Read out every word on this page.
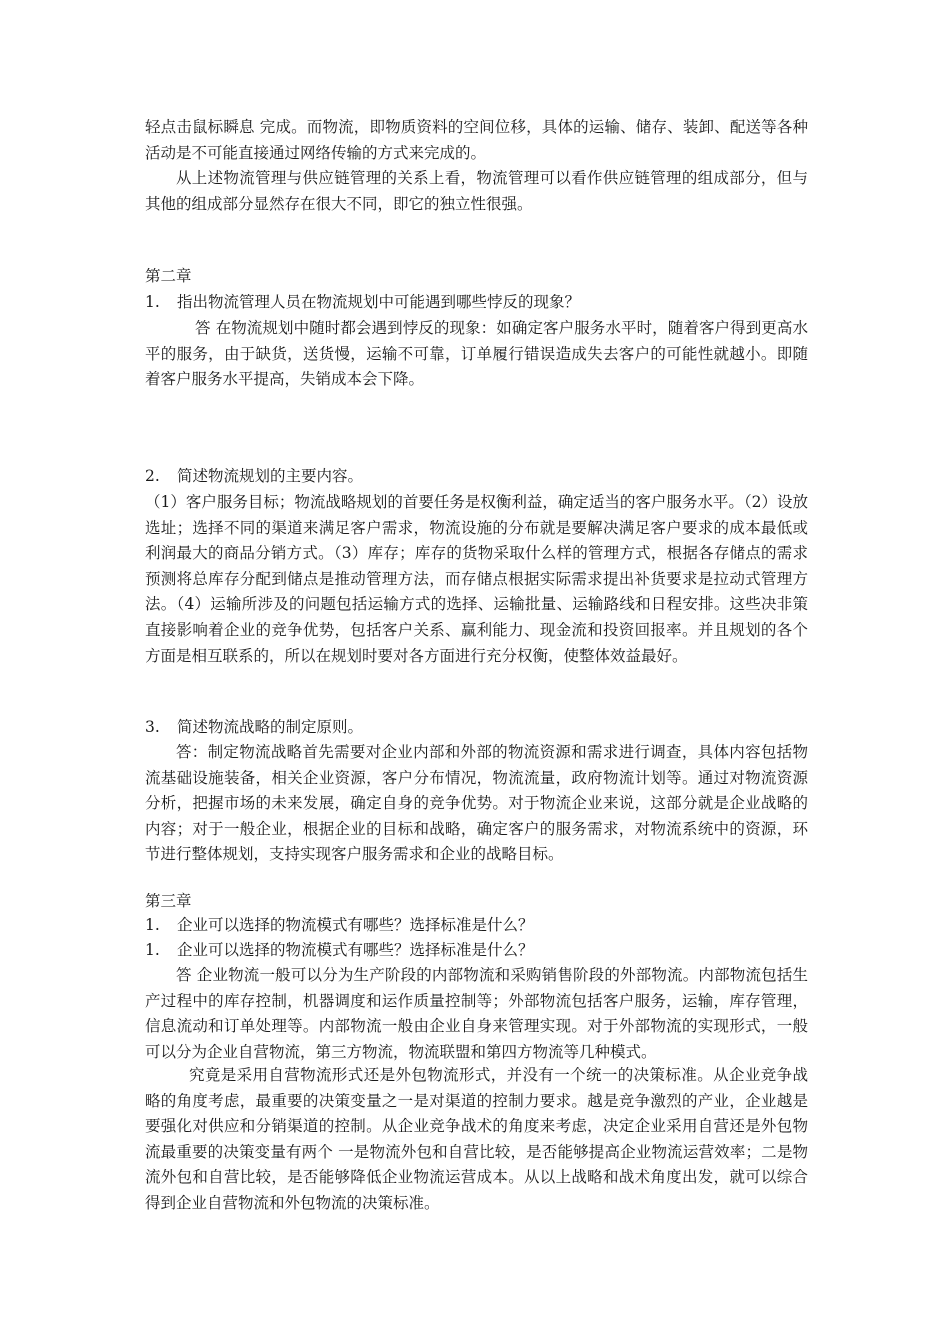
轻点击鼠标瞬息 完成。而物流，即物质资料的空间位移，具体的运输、储存、装卸、配送等各种活动是不可能直接通过网络传输的方式来完成的。

从上述物流管理与供应链管理的关系上看，物流管理可以看作供应链管理的组成部分，但与其他的组成部分显然存在很大不同，即它的独立性很强。

第二章

1. 指出物流管理人员在物流规划中可能遇到哪些悖反的现象？

答 在物流规划中随时都会遇到悖反的现象：如确定客户服务水平时，随着客户得到更高水平的服务，由于缺货，送货慢，运输不可靠，订单履行错误造成失去客户的可能性就越小。即随着客户服务水平提高，失销成本会下降。

2. 简述物流规划的主要内容。

（1）客户服务目标；物流战略规划的首要任务是权衡利益，确定适当的客户服务水平。（2）设放选址；选择不同的渠道来满足客户需求，物流设施的分布就是要解决满足客户要求的成本最低或利润最大的商品分销方式。（3）库存；库存的货物采取什么样的管理方式，根据各存储点的需求预测将总库存分配到储点是推动管理方法，而存储点根据实际需求提出补货要求是拉动式管理方法。（4）运输所涉及的问题包括运输方式的选择、运输批量、运输路线和日程安排。这些决非策直接影响着企业的竞争优势，包括客户关系、赢利能力、现金流和投资回报率。并且规划的各个方面是相互联系的，所以在规划时要对各方面进行充分权衡，使整体效益最好。

3. 简述物流战略的制定原则。

答：制定物流战略首先需要对企业内部和外部的物流资源和需求进行调查，具体内容包括物流基础设施装备，相关企业资源，客户分布情况，物流流量，政府物流计划等。通过对物流资源分析，把握市场的未来发展，确定自身的竞争优势。对于物流企业来说，这部分就是企业战略的内容；对于一般企业，根据企业的目标和战略，确定客户的服务需求，对物流系统中的资源，环节进行整体规划，支持实现客户服务需求和企业的战略目标。

第三章

1. 企业可以选择的物流模式有哪些？选择标准是什么？

1. 企业可以选择的物流模式有哪些？选择标准是什么？

答 企业物流一般可以分为生产阶段的内部物流和采购销售阶段的外部物流。内部物流包括生产过程中的库存控制，机器调度和运作质量控制等；外部物流包括客户服务，运输，库存管理，信息流动和订单处理等。内部物流一般由企业自身来管理实现。对于外部物流的实现形式，一般可以分为企业自营物流，第三方物流，物流联盟和第四方物流等几种模式。

究竟是采用自营物流形式还是外包物流形式，并没有一个统一的决策标准。从企业竞争战略的角度考虑，最重要的决策变量之一是对渠道的控制力要求。越是竞争激烈的产业，企业越是要强化对供应和分销渠道的控制。从企业竞争战术的角度来考虑，决定企业采用自营还是外包物流最重要的决策变量有两个 一是物流外包和自营比较，是否能够提高企业物流运营效率；二是物流外包和自营比较，是否能够降低企业物流运营成本。从以上战略和战术角度出发，就可以综合得到企业自营物流和外包物流的决策标准。
